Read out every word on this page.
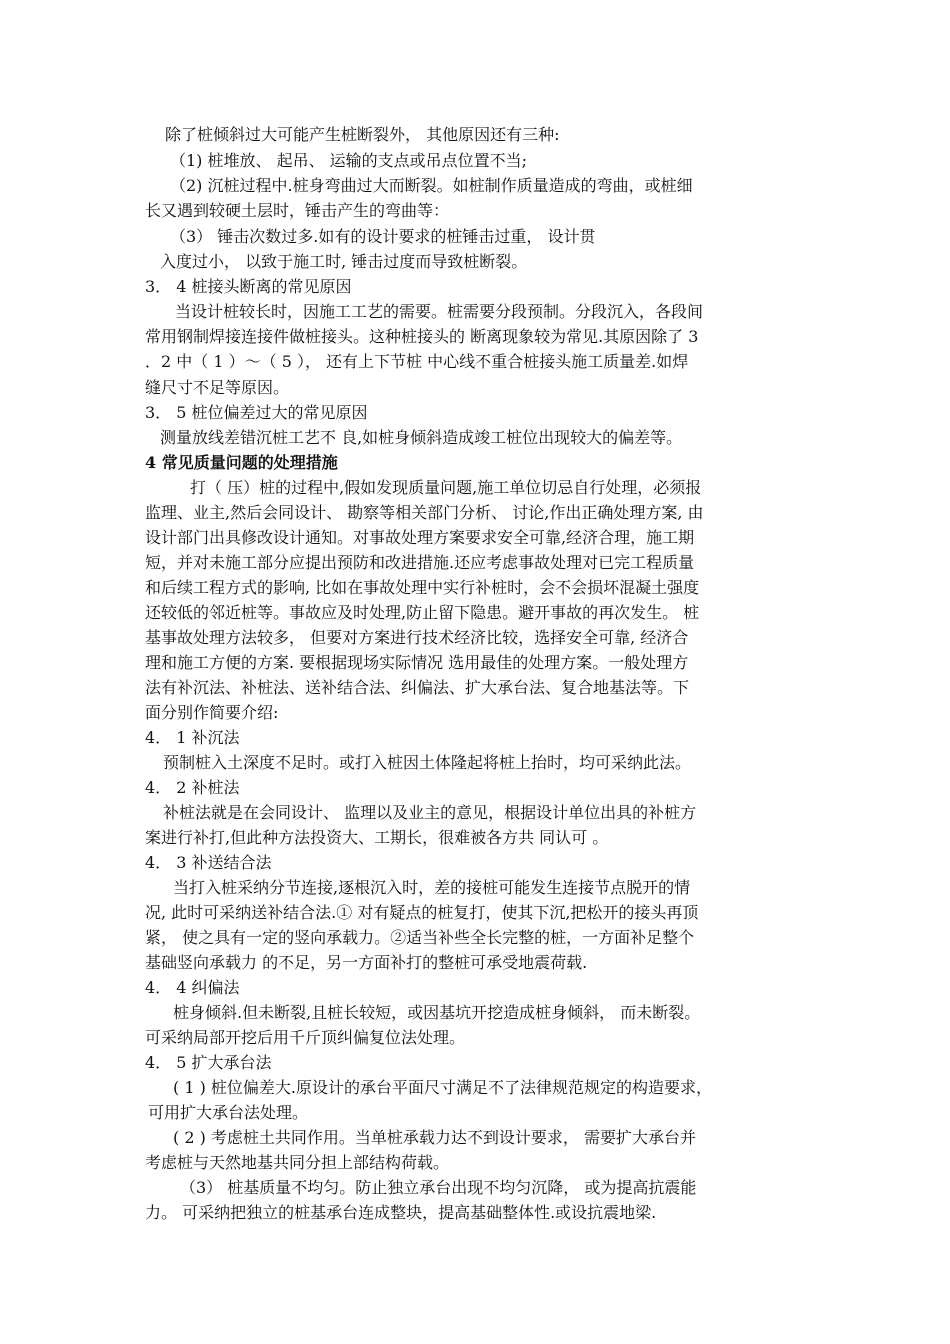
除了桩倾斜过大可能产生桩断裂外， 其他原因还有三种:
（1) 桩堆放、 起吊、 运输的支点或吊点位置不当;
（2) 沉桩过程中.桩身弯曲过大而断裂。如桩制作质量造成的弯曲，或桩细
长又遇到较硬土层时，锤击产生的弯曲等：
（3） 锤击次数过多.如有的设计要求的桩锤击过重， 设计贯
入度过小， 以致于施工时, 锤击过度而导致桩断裂。
3． 4 桩接头断离的常见原因
当设计桩较长时，因施工工艺的需要。桩需要分段预制。分段沉入，各段间
常用钢制焊接连接件做桩接头。这种桩接头的 断离现象较为常见.其原因除了 3
．2 中（ 1 ）～（ 5 ）， 还有上下节桩 中心线不重合桩接头施工质量差.如焊
缝尺寸不足等原因。
3． 5 桩位偏差过大的常见原因
测量放线差错沉桩工艺不 良,如桩身倾斜造成竣工桩位出现较大的偏差等。
4 常见质量问题的处理措施
打（ 压）桩的过程中,假如发现质量问题,施工单位切忌自行处理，必须报
监理、业主,然后会同设计、 勘察等相关部门分析、 讨论,作出正确处理方案, 由
设计部门出具修改设计通知。对事故处理方案要求安全可靠,经济合理，施工期
短，并对未施工部分应提出预防和改进措施.还应考虑事故处理对已完工程质量
和后续工程方式的影响, 比如在事故处理中实行补桩时，会不会损坏混凝土强度
还较低的邻近桩等。事故应及时处理,防止留下隐患。避开事故的再次发生。 桩
基事故处理方法较多， 但要对方案进行技术经济比较，选择安全可靠, 经济合
理和施工方便的方案. 要根据现场实际情况 选用最佳的处理方案。一般处理方
法有补沉法、补桩法、送补结合法、纠偏法、扩大承台法、复合地基法等。下
面分别作简要介绍:
4． 1 补沉法
预制桩入土深度不足时。或打入桩因土体隆起将桩上抬时，均可采纳此法。
4． 2 补桩法
补桩法就是在会同设计、 监理以及业主的意见，根据设计单位出具的补桩方
案进行补打,但此种方法投资大、工期长，很难被各方共 同认可 。
4． 3 补送结合法
当打入桩采纳分节连接,逐根沉入时，差的接桩可能发生连接节点脱开的情
况, 此时可采纳送补结合法.① 对有疑点的桩复打，使其下沉,把松开的接头再顶
紧， 使之具有一定的竖向承载力。②适当补些全长完整的桩，一方面补足整个
基础竖向承载力 的不足，另一方面补打的整桩可承受地震荷载.
4． 4 纠偏法
桩身倾斜.但未断裂,且桩长较短，或因基坑开挖造成桩身倾斜， 而未断裂。
可采纳局部开挖后用千斤顶纠偏复位法处理。
4． 5 扩大承台法
( 1 ) 桩位偏差大.原设计的承台平面尺寸满足不了法律规范规定的构造要求，
可用扩大承台法处理。
( 2 ) 考虑桩土共同作用。当单桩承载力达不到设计要求， 需要扩大承台并
考虑桩与天然地基共同分担上部结构荷载。
（3） 桩基质量不均匀。防止独立承台出现不均匀沉降， 或为提高抗震能
力。 可采纳把独立的桩基承台连成整块，提高基础整体性.或设抗震地梁.
